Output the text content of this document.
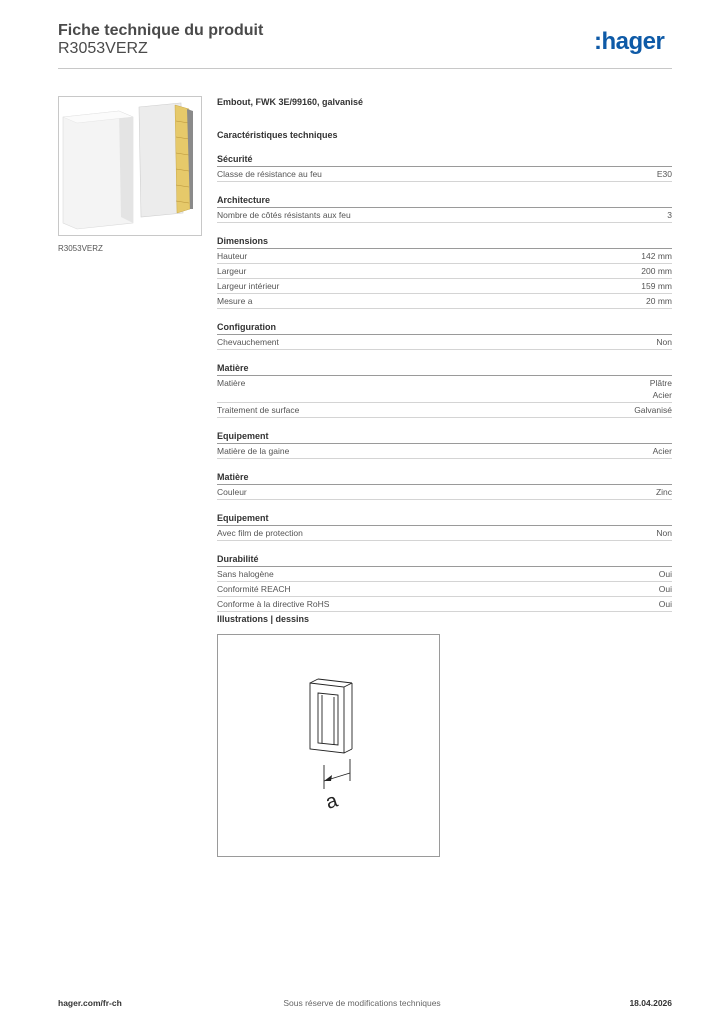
Fiche technique du produit
R3053VERZ	:hager
R3053VERZ
Embout, FWK 3E/99160, galvanisé
Caractéristiques techniques
Sécurité
Classe de résistance au feu	E30
Architecture
Nombre de côtés résistants aux feu	3
Dimensions
Hauteur	142 mm
Largeur	200 mm
Largeur intérieur	159 mm
Mesure a	20 mm
Configuration
Chevauchement	Non
Matière
Matière	Plâtre
Acier
Traitement de surface	Galvanisé
Equipement
Matière de la gaine	Acier
Matière
Couleur	Zinc
Equipement
Avec film de protection	Non
Durabilité
Sans halogène	Oui
Conformité REACH	Oui
Conforme à la directive RoHS	Oui
Illustrations | dessins
a
hager.com/fr-ch	Sous réserve de modifications techniques	18.04.2026
